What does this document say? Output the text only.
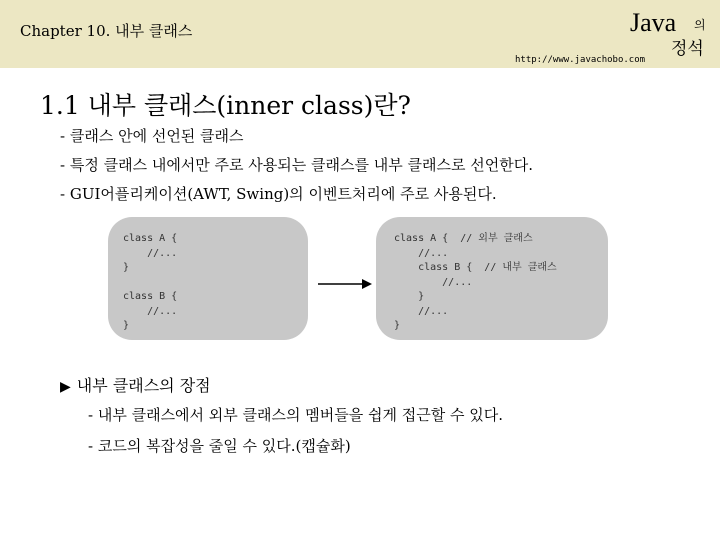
Chapter 10. 내부 클래스	Java 의
정석
http://www.javachobo.com
1.1 내부 클래스(inner class)란?
- 클래스 안에 선언된 클래스
- 특정 클래스 내에서만 주로 사용되는 클래스를 내부 클래스로 선언한다.
- GUI어플리케이션(AWT, Swing)의 이벤트처리에 주로 사용된다.
class A {
//...
}

class B {
//...
}
class A {  // 외부 클래스
//...
class B {  // 내부 클래스
//...
}
//...
}
▶ 내부 클래스의 장점
- 내부 클래스에서 외부 클래스의 멤버들을 쉽게 접근할 수 있다.
- 코드의 복잡성을 줄일 수 있다.(캡슐화)
